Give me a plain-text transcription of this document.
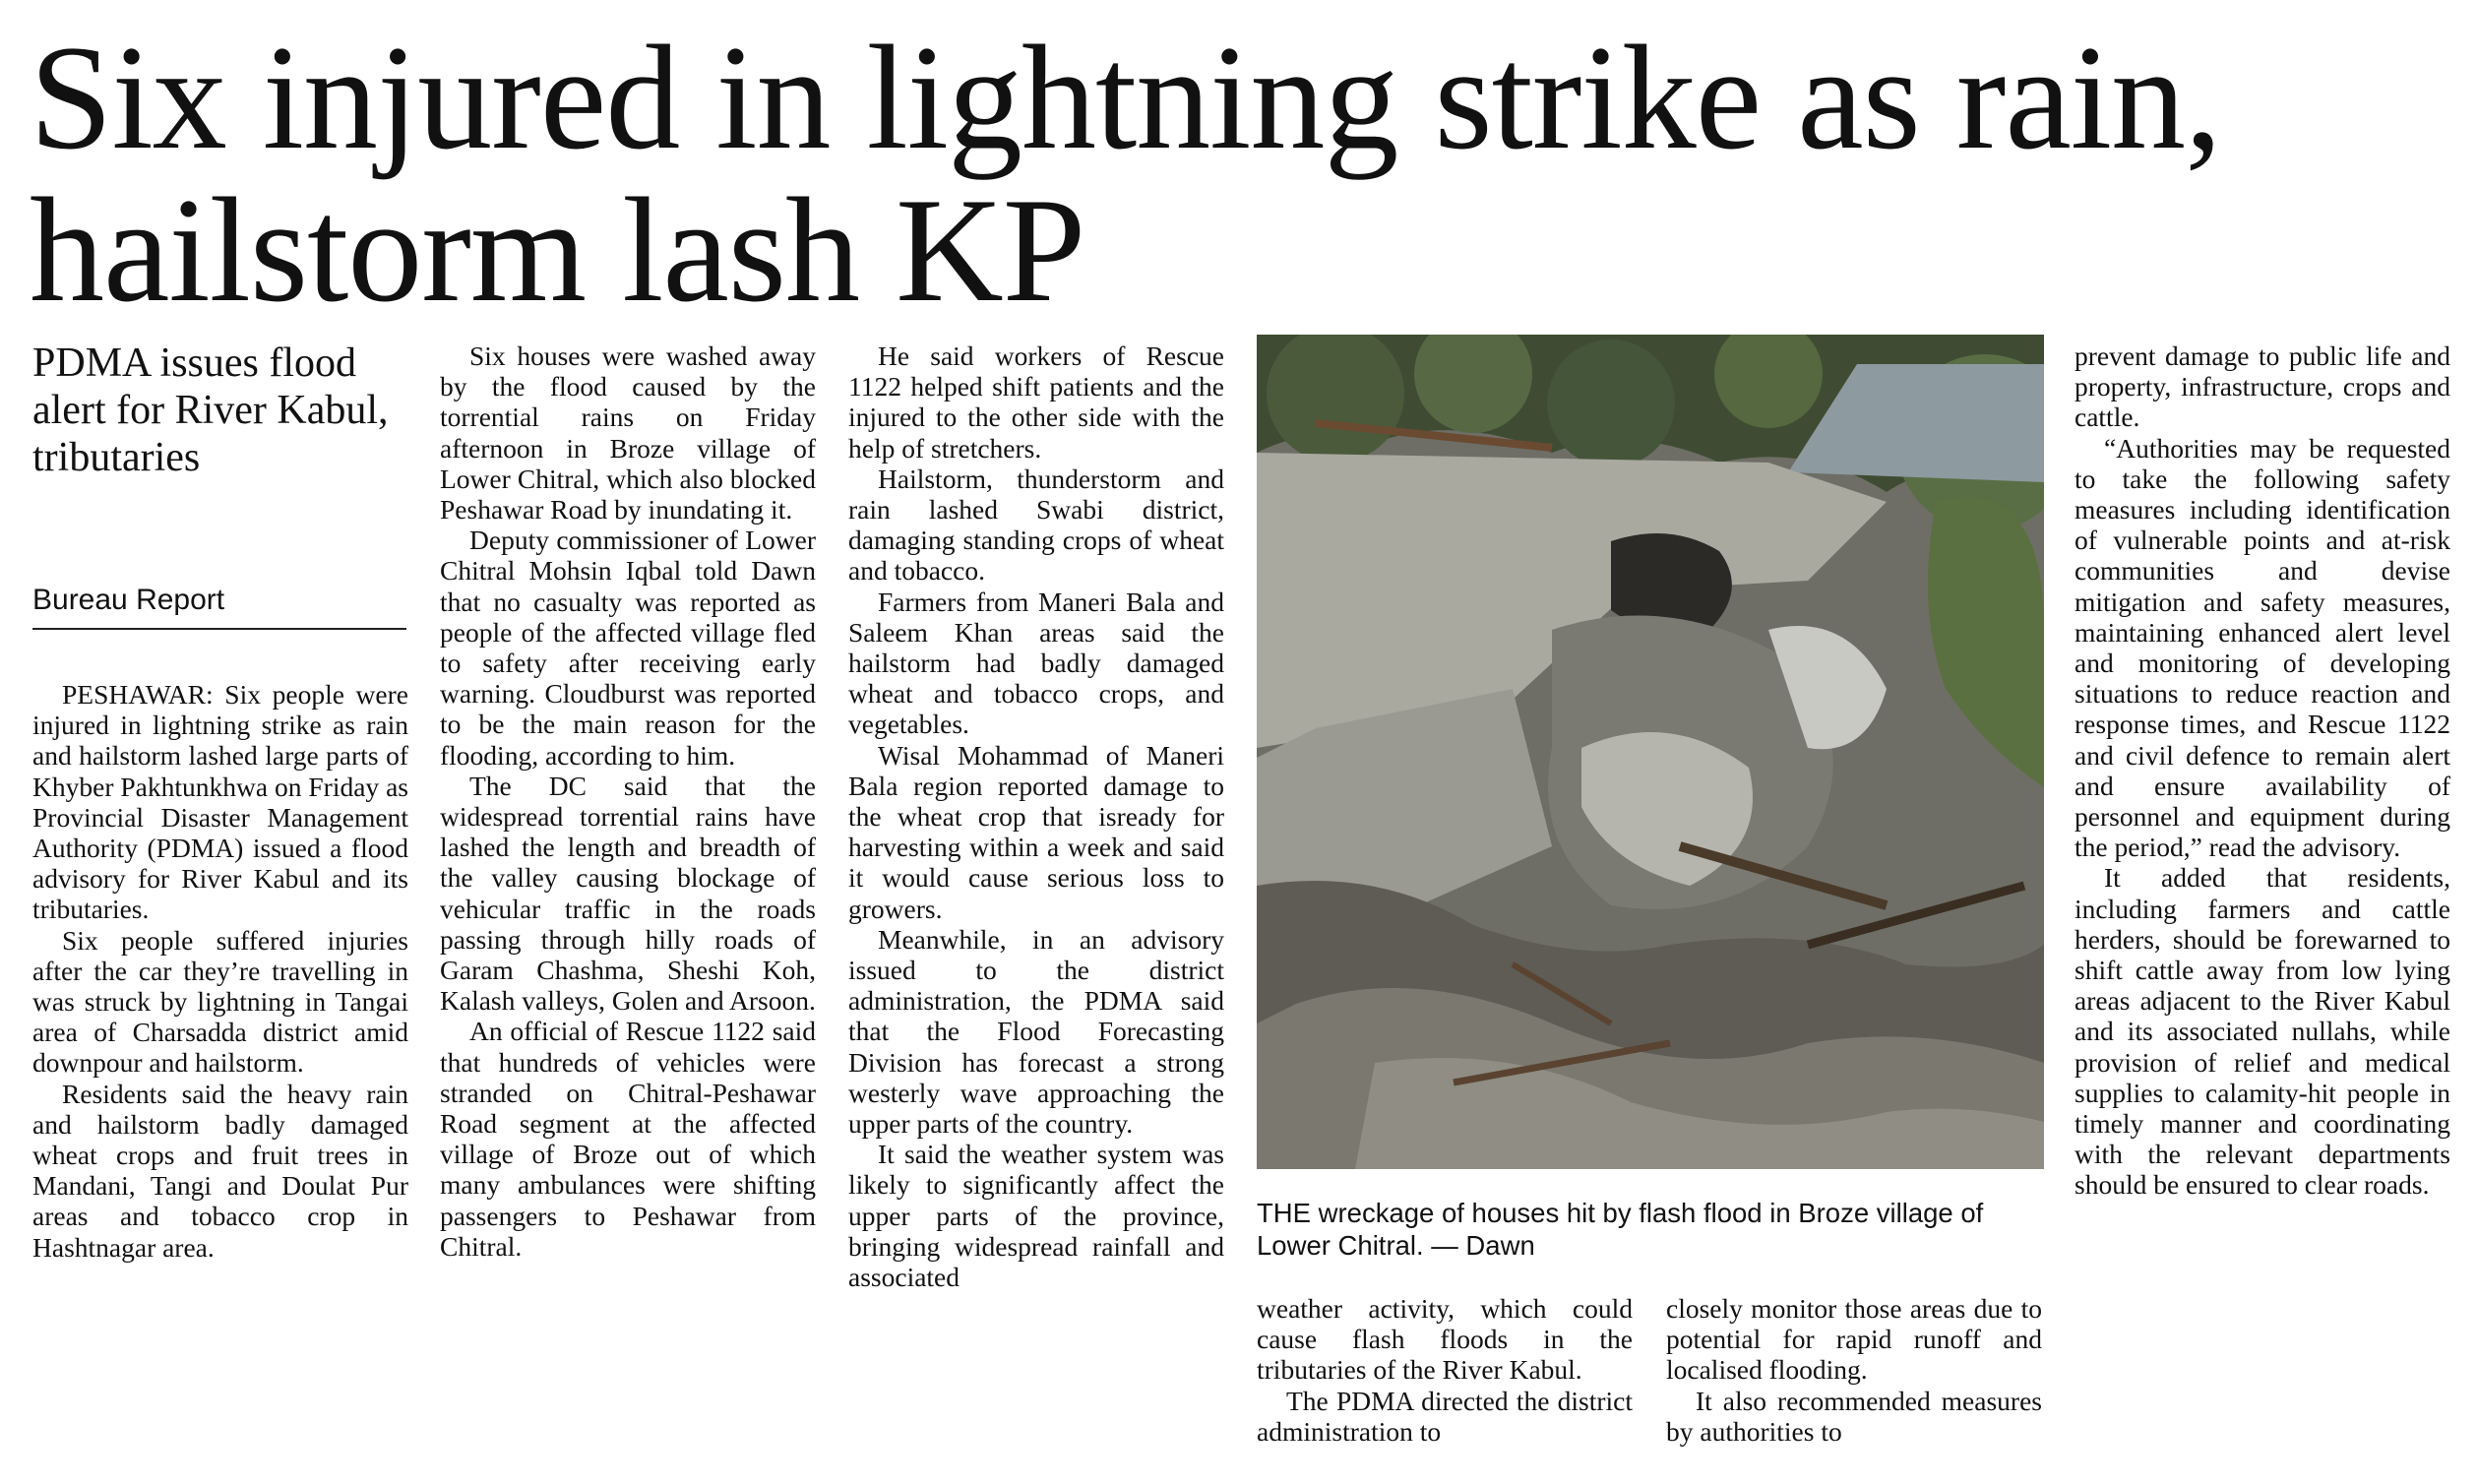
Six injured in lightning strike as rain, hailstorm lash KP
PDMA issues flood alert for River Kabul, tributaries
Bureau Report

PESHAWAR: Six people were injured in lightning strike as rain and hailstorm lashed large parts of Khyber Pakhtunkhwa on Friday as Provincial Disaster Management Authority (PDMA) issued a flood advisory for River Kabul and its tributaries.

Six people suffered injuries after the car they’re travelling in was struck by lightning in Tangai area of Charsadda district amid downpour and hailstorm.

Residents said the heavy rain and hailstorm badly damaged wheat crops and fruit trees in Mandani, Tangi and Doulat Pur areas and tobacco crop in Hashtnagar area.

Six houses were washed away by the flood caused by the torrential rains on Friday afternoon in Broze village of Lower Chitral, which also blocked Peshawar Road by inundating it.

Deputy commissioner of Lower Chitral Mohsin Iqbal told Dawn that no casualty was reported as people of the affected village fled to safety after receiving early warning. Cloudburst was reported to be the main reason for the flooding, according to him.

The DC said that the widespread torrential rains have lashed the length and breadth of the valley causing blockage of vehicular traffic in the roads passing through hilly roads of Garam Chashma, Sheshi Koh, Kalash valleys, Golen and Arsoon.

An official of Rescue 1122 said that hundreds of vehicles were stranded on Chitral-Peshawar Road segment at the affected village of Broze out of which many ambulances were shifting passengers to Peshawar from Chitral.

He said workers of Rescue 1122 helped shift patients and the injured to the other side with the help of stretchers.

Hailstorm, thunderstorm and rain lashed Swabi district, damaging standing crops of wheat and tobacco.

Farmers from Maneri Bala and Saleem Khan areas said the hailstorm had badly damaged wheat and tobacco crops, and vegetables.

Wisal Mohammad of Maneri Bala region reported damage to the wheat crop that isready for harvesting within a week and said it would cause serious loss to growers.

Meanwhile, in an advisory issued to the district administration, the PDMA said that the Flood Forecasting Division has forecast a strong westerly wave approaching the upper parts of the country.

It said the weather system was likely to significantly affect the upper parts of the province, bringing widespread rainfall and associated

THE wreckage of houses hit by flash flood in Broze village of Lower Chitral. — Dawn

weather activity, which could cause flash floods in the tributaries of the River Kabul.

The PDMA directed the district administration to

closely monitor those areas due to potential for rapid runoff and localised flooding.

It also recommended measures by authorities to

prevent damage to public life and property, infrastructure, crops and cattle.

“Authorities may be requested to take the following safety measures including identification of vulnerable points and at-risk communities and devise mitigation and safety measures, maintaining enhanced alert level and monitoring of developing situations to reduce reaction and response times, and Rescue 1122 and civil defence to remain alert and ensure availability of personnel and equipment during the period,” read the advisory.

It added that residents, including farmers and cattle herders, should be forewarned to shift cattle away from low lying areas adjacent to the River Kabul and its associated nullahs, while provision of relief and medical supplies to calamity-hit people in timely manner and coordinating with the relevant departments should be ensured to clear roads.
